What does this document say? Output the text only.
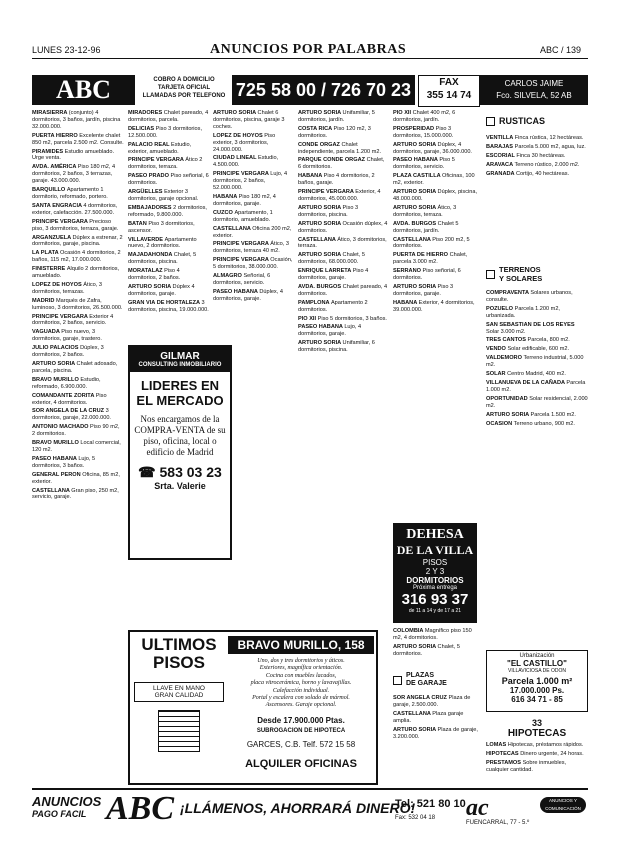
LUNES 23-12-96	ANUNCIOS POR PALABRAS	ABC / 139
ABC	COBRO A DOMICILIO
TARJETA OFICIAL
LLAMADAS POR TELEFONO 725 58 00 / 726 70 23	FAX
355 14 74
CARLOS JAIME
Fco. SILVELA, 52 AB

MIRASIERRA (conjunto) 4 dormitorios, 3 baños, jardín, piscina 32.000.000.

PUERTA HIERRO Excelente chalet 850 m2, parcela 2.500 m2. Consulte.

PIRAMIDES Estudio amueblado. Urge venta.

AVDA. AMÉRICA Piso 180 m2, 4 dormitorios, 2 baños, 3 terrazas, garaje. 43.000.000.

BARQUILLO Apartamento 1 dormitorio, reformado, portero.

SANTA ENGRACIA 4 dormitorios, exterior, calefacción. 27.500.000.

PRINCIPE VERGARA Precioso piso, 3 dormitorios, terraza, garaje.

ARGANZUELA Dúplex a estrenar, 2 dormitorios, garaje, piscina.

LA PLATA Ocasión 4 dormitorios, 2 baños, 115 m2, 17.000.000.

FINISTERRE Alquilo 2 dormitorios, amueblado.

LOPEZ DE HOYOS Ático, 3 dormitorios, terrazas.

MADRID Marqués de Zafra, luminoso, 3 dormitorios, 26.500.000.

PRINCIPE VERGARA Exterior 4 dormitorios, 2 baños, servicio.

VAGUADA Piso nuevo, 3 dormitorios, garaje, trastero.

JULIO PALACIOS Dúplex, 3 dormitorios, 2 baños.

ARTURO SORIA Chalet adosado, parcela, piscina.

BRAVO MURILLO Estudio, reformado, 6.900.000.

COMANDANTE ZORITA Piso exterior, 4 dormitorios.

SOR ANGELA DE LA CRUZ 3 dormitorios, garaje, 22.000.000.

ANTONIO MACHADO Piso 90 m2, 2 dormitorios.

BRAVO MURILLO Local comercial, 120 m2.

PASEO HABANA Lujo, 5 dormitorios, 3 baños.

GENERAL PERON Oficina, 85 m2, exterior.

CASTELLANA Gran piso, 250 m2, servicio, garaje.

MIRADORES Chalet pareado, 4 dormitorios, parcela.

DELICIAS Piso 3 dormitorios, 12.500.000.

PALACIO REAL Estudio, exterior, amueblado.

PRINCIPE VERGARA Ático 2 dormitorios, terraza.

PASEO PRADO Piso señorial, 6 dormitorios.

ARGÜELLES Exterior 3 dormitorios, garaje opcional.

EMBAJADORES 2 dormitorios, reformado, 9.800.000.

BATAN Piso 3 dormitorios, ascensor.

VILLAVERDE Apartamento nuevo, 2 dormitorios.

MAJADAHONDA Chalet, 5 dormitorios, piscina.

MORATALAZ Piso 4 dormitorios, 2 baños.

ARTURO SORIA Dúplex 4 dormitorios, garaje.

GRAN VIA DE HORTALEZA 3 dormitorios, piscina, 19.000.000.

ARTURO SORIA Chalet 6 dormitorios, piscina, garaje 3 coches.

LOPEZ DE HOYOS Piso exterior, 3 dormitorios, 24.000.000.

CIUDAD LINEAL Estudio, 4.500.000.

PRINCIPE VERGARA Lujo, 4 dormitorios, 2 baños, 52.000.000.

HABANA Piso 180 m2, 4 dormitorios, garaje.

CUZCO Apartamento, 1 dormitorio, amueblado.

CASTELLANA Oficina 200 m2, exterior.

PRINCIPE VERGARA Ático, 3 dormitorios, terraza 40 m2.

PRINCIPE VERGARA Ocasión, 5 dormitorios, 38.000.000.

ALMAGRO Señorial, 6 dormitorios, servicio.

PASEO HABANA Dúplex, 4 dormitorios, garaje.

ARTURO SORIA Unifamiliar, 5 dormitorios, jardín.

COSTA RICA Piso 120 m2, 3 dormitorios.

CONDE ORGAZ Chalet independiente, parcela 1.200 m2.

PARQUE CONDE ORGAZ Chalet, 6 dormitorios.

HABANA Piso 4 dormitorios, 2 baños, garaje.

PRINCIPE VERGARA Exterior, 4 dormitorios, 45.000.000.

ARTURO SORIA Piso 3 dormitorios, piscina.

ARTURO SORIA Ocasión dúplex, 4 dormitorios.

CASTELLANA Ático, 3 dormitorios, terraza.

ARTURO SORIA Chalet, 5 dormitorios, 68.000.000.

ENRIQUE LARRETA Piso 4 dormitorios, garaje.

AVDA. BURGOS Chalet pareado, 4 dormitorios.

PAMPLONA Apartamento 2 dormitorios.

PIO XII Piso 5 dormitorios, 3 baños.

PASEO HABANA Lujo, 4 dormitorios, garaje.

ARTURO SORIA Unifamiliar, 6 dormitorios, piscina.

PIO XII Chalet 400 m2, 6 dormitorios, jardín.

PROSPERIDAD Piso 3 dormitorios, 15.000.000.

ARTURO SORIA Dúplex, 4 dormitorios, garaje, 36.000.000.

PASEO HABANA Piso 5 dormitorios, servicio.

PLAZA CASTILLA Oficinas, 100 m2, exterior.

ARTURO SORIA Dúplex, piscina, 48.000.000.

ARTURO SORIA Ático, 3 dormitorios, terraza.

AVDA. BURGOS Chalet 5 dormitorios, jardín.

CASTELLANA Piso 200 m2, 5 dormitorios.

PUERTA DE HIERRO Chalet, parcela 3.000 m2.

SERRANO Piso señorial, 6 dormitorios.

ARTURO SORIA Piso 3 dormitorios, garaje.

HABANA Exterior, 4 dormitorios, 39.000.000.

COLOMBIA Magnífico piso 150 m2, 4 dormitorios.

ARTURO SORIA Chalet, 5 dormitorios.

PLAZAS
DE GARAJE

SOR ANGELA CRUZ Plaza de garaje, 2.500.000.

CASTELLANA Plaza garaje amplia.

ARTURO SORIA Plaza de garaje, 3.200.000.

RUSTICAS

VENTILLA Finca rústica, 12 hectáreas.

BARAJAS Parcela 5.000 m2, agua, luz.

ESCORIAL Finca 30 hectáreas.

ARAVACA Terreno rústico, 2.000 m2.

GRANADA Cortijo, 40 hectáreas.

TERRENOS
Y SOLARES

COMPRAVENTA Solares urbanos, consulte.

POZUELO Parcela 1.200 m2, urbanizada.

SAN SEBASTIAN DE LOS REYES Solar 3.000 m2.

TRES CANTOS Parcela, 800 m2.

VENDO Solar edificable, 600 m2.

VALDEMORO Terreno industrial, 5.000 m2.

SOLAR Centro Madrid, 400 m2.

VILLANUEVA DE LA CAÑADA Parcela 1.000 m2.

OPORTUNIDAD Solar residencial, 2.000 m2.

ARTURO SORIA Parcela 1.500 m2.

OCASION Terreno urbano, 900 m2.

GILMAR
CONSULTING INMOBILIARIO
LIDERES EN
EL MERCADO
Nos encargamos de la COMPRA-VENTA de su piso, oficina, local o edificio de Madrid
☎ 583 03 23
Srta. Valerie
DEHESA
DE LA VILLA
PISOS
2 Y 3
DORMITORIOS
Próxima entrega
316 93 37
de 11 a 14 y de 17 a 21
ULTIMOS
PISOS
LLAVE EN MANO
GRAN CALIDAD
BRAVO MURILLO, 158
Uno, dos y tres dormitorios y áticos.
Exteriores, magnífica orientación.
Cocina con muebles lacados,
placa vitrocerámica, horno y lavavajillas.
Calefacción individual.
Portal y escalera con solado de mármol.
Ascensores. Garaje opcional.
Desde 17.900.000 Ptas.
SUBROGACION DE HIPOTECA
GARCES, C.B. Telf. 572 15 58
ALQUILER OFICINAS
Urbanización
"EL CASTILLO"
VILLAVICIOSA DE ODON
Parcela 1.000 m²
17.000.000 Ps.
616 34 71 - 85
33
HIPOTECAS

LOMAS Hipotecas, préstamos rápidos.

HIPOTECAS Dinero urgente, 24 horas.

PRESTAMOS Sobre inmuebles, cualquier cantidad.

ANUNCIOS
PAGO FACIL ABC ¡LLÁMENOS, AHORRARÁ DINERO!
Tel: 521 80 10
Fax: 532 04 18 ac
FUENCARRAL, 77 - 5.º
ANUNCIOS Y COMUNICACIÓN
